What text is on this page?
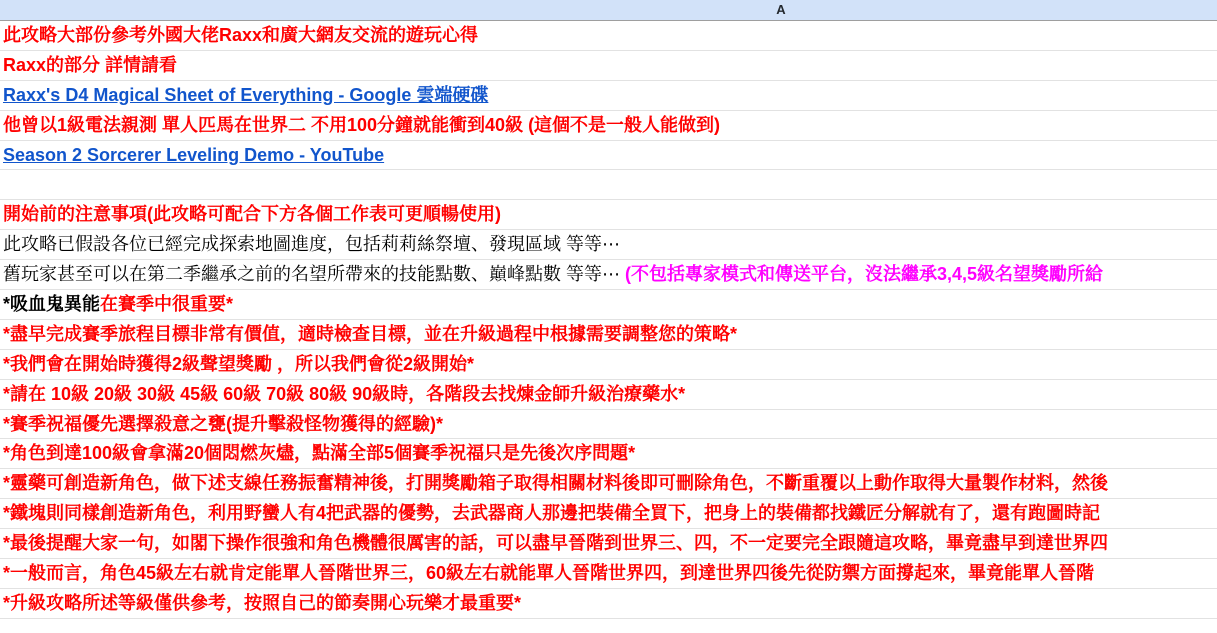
A
此攻略大部份參考外國大佬Raxx和廣大網友交流的遊玩心得
Raxx的部分 詳情請看
Raxx's D4 Magical Sheet of Everything - Google 雲端硬碟
他曾以1級電法親測 單人匹馬在世界二 不用100分鐘就能衝到40級 (這個不是一般人能做到)
Season 2 Sorcerer Leveling Demo - YouTube
開始前的注意事項(此攻略可配合下方各個工作表可更順暢使用)
此攻略已假設各位已經完成探索地圖進度，包括莉莉絲祭壇、發現區域 等等⋯
舊玩家甚至可以在第二季繼承之前的名望所帶來的技能點數、巔峰點數 等等⋯ (不包括專家模式和傳送平台，沒法繼承3,4,5級名望獎勵所給
*吸血鬼異能 在賽季中很重要*
*盡早完成賽季旅程目標非常有價值，適時檢查目標，並在升級過程中根據需要調整您的策略*
*我們會在開始時獲得2級聲望獎勵 ，所以我們會從2級開始*
*請在 10級 20級 30級 45級 60級 70級 80級 90級時，各階段去找煉金師升級治療藥水*
*賽季祝福優先選擇殺意之甕(提升擊殺怪物獲得的經驗)*
*角色到達100級會拿滿20個悶燃灰燼，點滿全部5個賽季祝福只是先後次序問題*
*靈藥可創造新角色，做下述支線任務振奮精神後，打開獎勵箱子取得相關材料後即可刪除角色，不斷重覆以上動作取得大量製作材料，然後
*鐵塊則同樣創造新角色，利用野蠻人有4把武器的優勢，去武器商人那邊把裝備全買下，把身上的裝備都找鐵匠分解就有了，還有跑圖時記
*最後提醒大家一句，如閣下操作很強和角色機體很厲害的話，可以盡早晉階到世界三、四，不一定要完全跟隨這攻略，畢竟盡早到達世界四
*一般而言，角色45級左右就肯定能單人晉階世界三，60級左右就能單人晉階世界四，到達世界四後先從防禦方面撐起來，畢竟能單人晉階
*升級攻略所述等級僅供參考，按照自己的節奏開心玩樂才最重要*
